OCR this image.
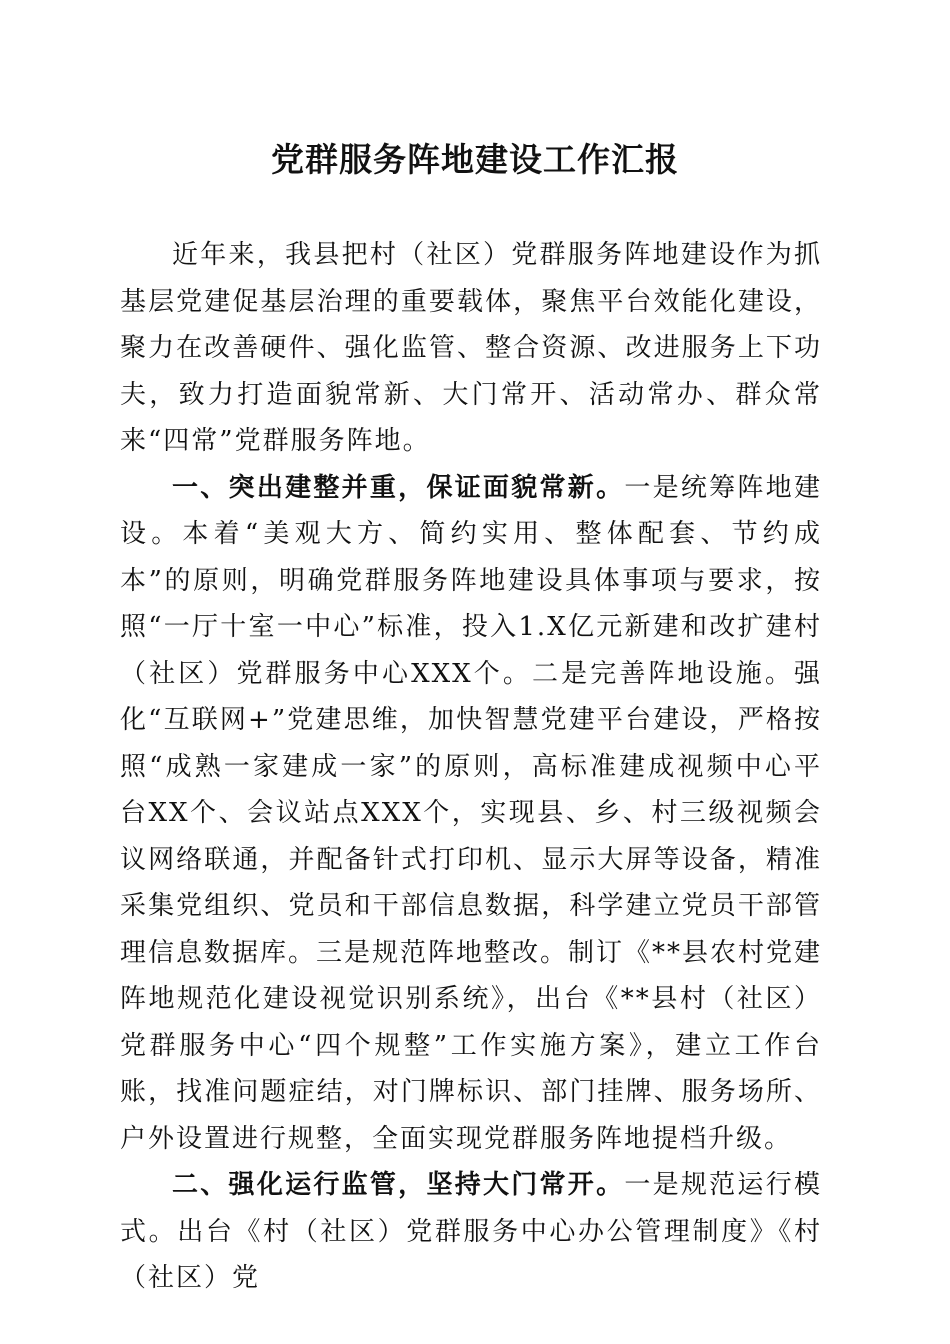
党群服务阵地建设工作汇报

近年来，我县把村（社区）党群服务阵地建设作为抓基层党建促基层治理的重要载体，聚焦平台效能化建设，聚力在改善硬件、强化监管、整合资源、改进服务上下功夫，致力打造面貌常新、大门常开、活动常办、群众常来“四常”党群服务阵地。

一、突出建整并重，保证面貌常新。一是统筹阵地建设。本着“美观大方、简约实用、整体配套、节约成本”的原则，明确党群服务阵地建设具体事项与要求，按照“一厅十室一中心”标准，投入1.X亿元新建和改扩建村（社区）党群服务中心XXX个。二是完善阵地设施。强化“互联网+”党建思维，加快智慧党建平台建设，严格按照“成熟一家建成一家”的原则，高标准建成视频中心平台XX个、会议站点XXX个，实现县、乡、村三级视频会议网络联通，并配备针式打印机、显示大屏等设备，精准采集党组织、党员和干部信息数据，科学建立党员干部管理信息数据库。三是规范阵地整改。制订《**县农村党建阵地规范化建设视觉识别系统》，出台《**县村（社区）党群服务中心“四个规整”工作实施方案》，建立工作台账，找准问题症结，对门牌标识、部门挂牌、服务场所、户外设置进行规整，全面实现党群服务阵地提档升级。

二、强化运行监管，坚持大门常开。一是规范运行模式。出台《村（社区）党群服务中心办公管理制度》《村（社区）党
